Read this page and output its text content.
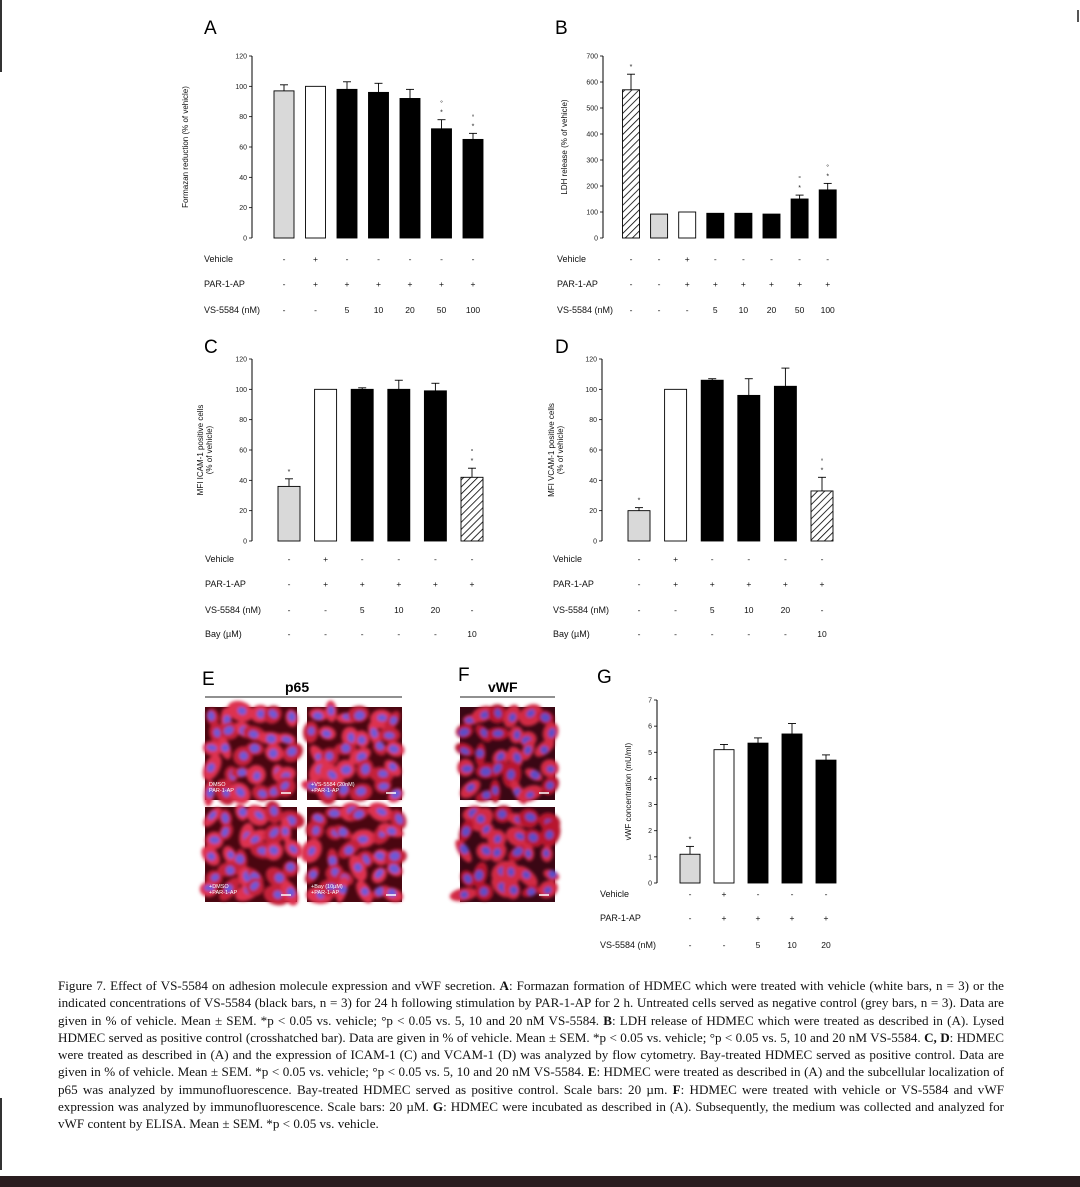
A
0
20
40
60
80
100
120
Formazan reduction (% of vehicle)	*
°
*
°
Vehicle	-	+	-	-	-	-	-
PAR-1-AP	-	+	+	+	+	+	+
VS-5584 (nM)	-	-	5	10	20	50 100
B
0
100
200
300
400
500
600
700
LDH release (% of vehicle)
*
*
°	*
°
Vehicle	-	-	+	-	-	-	-	-
PAR-1-AP	-	-	+	+	+	+	+	+
VS-5584 (nM) -	-	-	5 10 20 50 100
C
0
20
40
60
80
100
120
MFI ICAM-1 positive cells(% of vehicle)	*
*
°
Vehicle	-	+	-	-	-	-
PAR-1-AP	-	+	+	+	+	+
VS-5584 (nM)	-	-	5	10	20	-
Bay (µM)	-	-	-	-	-	10
D
0
20
40
60
80
100
120
MFI VCAM-1 positive cells(% of vehicle)
*
*
°
Vehicle	-	+	-	-	-	-
PAR-1-AP	-	+	+	+	+	+
VS-5584 (nM)	-	-	5	10	20	-
Bay (µM)	-	-	-	-	-	10
G
0
1
2
3
4
5
6
7
vWF concentration (mU/ml)	*
Vehicle	-	+	-	-	-
PAR-1-AP	-	+	+	+	+
VS-5584 (nM)	-	-	5	10	20
E	p65
F
vWF
DMSO PAR-1-AP
+VS-5584 (20nM) +PAR-1-AP
+DMSO +PAR-1-AP
+Bay (10µM) +PAR-1-AP
Figure 7. Effect of VS-5584 on adhesion molecule expression and vWF secretion. A: Formazan formation of HDMEC which were treated with vehicle (white bars, n = 3) or the indicated concentrations of VS-5584 (black bars, n = 3) for 24 h following stimulation by PAR-1-AP for 2 h. Untreated cells served as negative control (grey bars, n = 3). Data are given in % of vehicle. Mean ± SEM. *p < 0.05 vs. vehicle; °p < 0.05 vs. 5, 10 and 20 nM VS-5584. B: LDH release of HDMEC which were treated as described in (A). Lysed HDMEC served as positive control (crosshatched bar). Data are given in % of vehicle. Mean ± SEM. *p < 0.05 vs. vehicle; °p < 0.05 vs. 5, 10 and 20 nM VS-5584. C, D: HDMEC were treated as described in (A) and the expression of ICAM-1 (C) and VCAM-1 (D) was analyzed by flow cytometry. Bay-treated HDMEC served as positive control. Data are given in % of vehicle. Mean ± SEM. *p < 0.05 vs. vehicle; °p < 0.05 vs. 5, 10 and 20 nM VS-5584. E: HDMEC were treated as described in (A) and the subcellular localization of p65 was analyzed by immunofluorescence. Bay-treated HDMEC served as positive control. Scale bars: 20 µm. F: HDMEC were treated with vehicle or VS-5584 and vWF expression was analyzed by immunofluorescence. Scale bars: 20 µM. G: HDMEC were incubated as described in (A). Subsequently, the medium was collected and analyzed for vWF content by ELISA. Mean ± SEM. *p < 0.05 vs. vehicle.
